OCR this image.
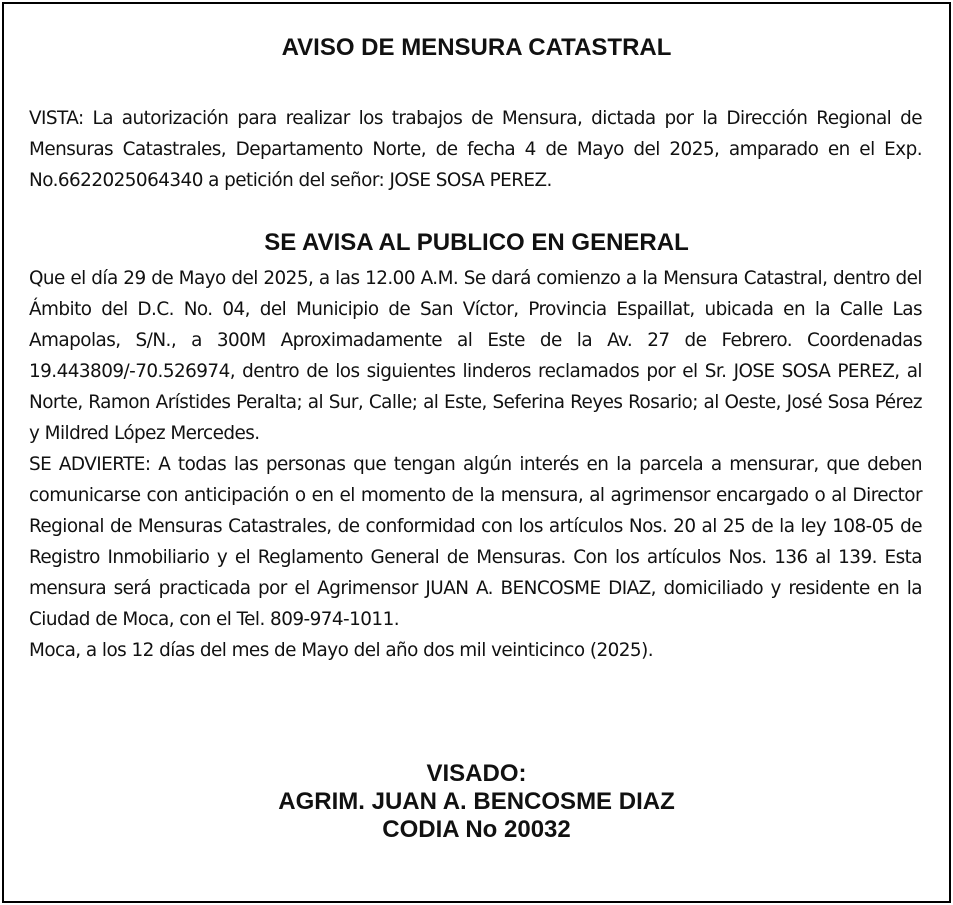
AVISO DE MENSURA CATASTRAL

VISTA: La autorización para realizar los trabajos de Mensura, dictada por la Dirección Regional de Mensuras Catastrales, Departamento Norte, de fecha 4 de Mayo del 2025, amparado en el Exp. No.6622025064340 a petición del señor: JOSE SOSA PEREZ.

SE AVISA AL PUBLICO EN GENERAL

Que el día 29 de Mayo del 2025, a las 12.00 A.M. Se dará comienzo a la Mensura Catastral, dentro del Ámbito del D.C. No. 04, del Municipio de San Víctor, Provincia Espaillat, ubicada en la Calle Las Amapolas, S/N., a 300M Aproximadamente al Este de la Av. 27 de Febrero. Coordenadas 19.443809/-70.526974, dentro de los siguientes linderos reclamados por el Sr. JOSE SOSA PEREZ, al Norte, Ramon Arístides Peralta; al Sur, Calle; al Este, Seferina Reyes Rosario; al Oeste, José Sosa Pérez y Mildred López Mercedes.

SE ADVIERTE: A todas las personas que tengan algún interés en la parcela a mensurar, que deben comunicarse con anticipación o en el momento de la mensura, al agrimensor encargado o al Director Regional de Mensuras Catastrales, de conformidad con los artículos Nos. 20 al 25 de la ley 108-05 de Registro Inmobiliario y el Reglamento General de Mensuras. Con los artículos Nos. 136 al 139. Esta mensura será practicada por el Agrimensor JUAN A. BENCOSME DIAZ, domiciliado y residente en la Ciudad de Moca, con el Tel. 809-974-1011.

Moca, a los 12 días del mes de Mayo del año dos mil veinticinco (2025).

VISADO:
AGRIM. JUAN A. BENCOSME DIAZ
CODIA No 20032
